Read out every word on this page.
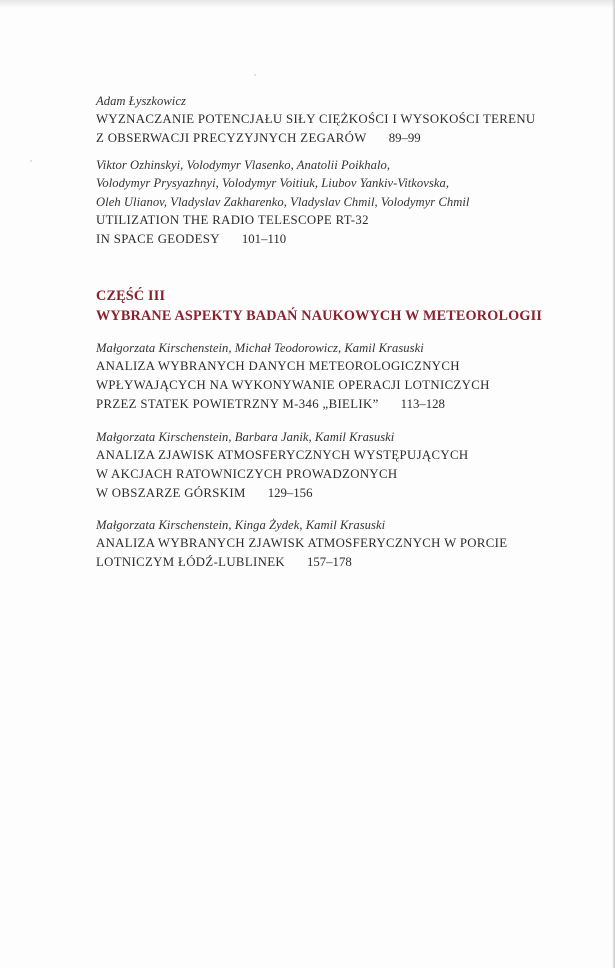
Adam Łyszkowicz
WYZNACZANIE POTENCJAŁU SIŁY CIĘŻKOŚCI I WYSOKOŚCI TERENU
Z OBSERWACJI PRECYZYJNYCH ZEGARÓW 89–99
Viktor Ozhinskyi, Volodymyr Vlasenko, Anatolii Poikhalo,
Volodymyr Prysyazhnyi, Volodymyr Voitiuk, Liubov Yankiv-Vitkovska,
Oleh Ulianov, Vladyslav Zakharenko, Vladyslav Chmil, Volodymyr Chmil
UTILIZATION THE RADIO TELESCOPE RT-32
IN SPACE GEODESY 101–110
CZĘŚĆ III
WYBRANE ASPEKTY BADAŃ NAUKOWYCH W METEOROLOGII
Małgorzata Kirschenstein, Michał Teodorowicz, Kamil Krasuski
ANALIZA WYBRANYCH DANYCH METEOROLOGICZNYCH
WPŁYWAJĄCYCH NA WYKONYWANIE OPERACJI LOTNICZYCH
PRZEZ STATEK POWIETRZNY M-346 „BIELIK” 113–128
Małgorzata Kirschenstein, Barbara Janik, Kamil Krasuski
ANALIZA ZJAWISK ATMOSFERYCZNYCH WYSTĘPUJĄCYCH
W AKCJACH RATOWNICZYCH PROWADZONYCH
W OBSZARZE GÓRSKIM 129–156
Małgorzata Kirschenstein, Kinga Żydek, Kamil Krasuski
ANALIZA WYBRANYCH ZJAWISK ATMOSFERYCZNYCH W PORCIE
LOTNICZYM ŁÓDŹ-LUBLINEK 157–178
